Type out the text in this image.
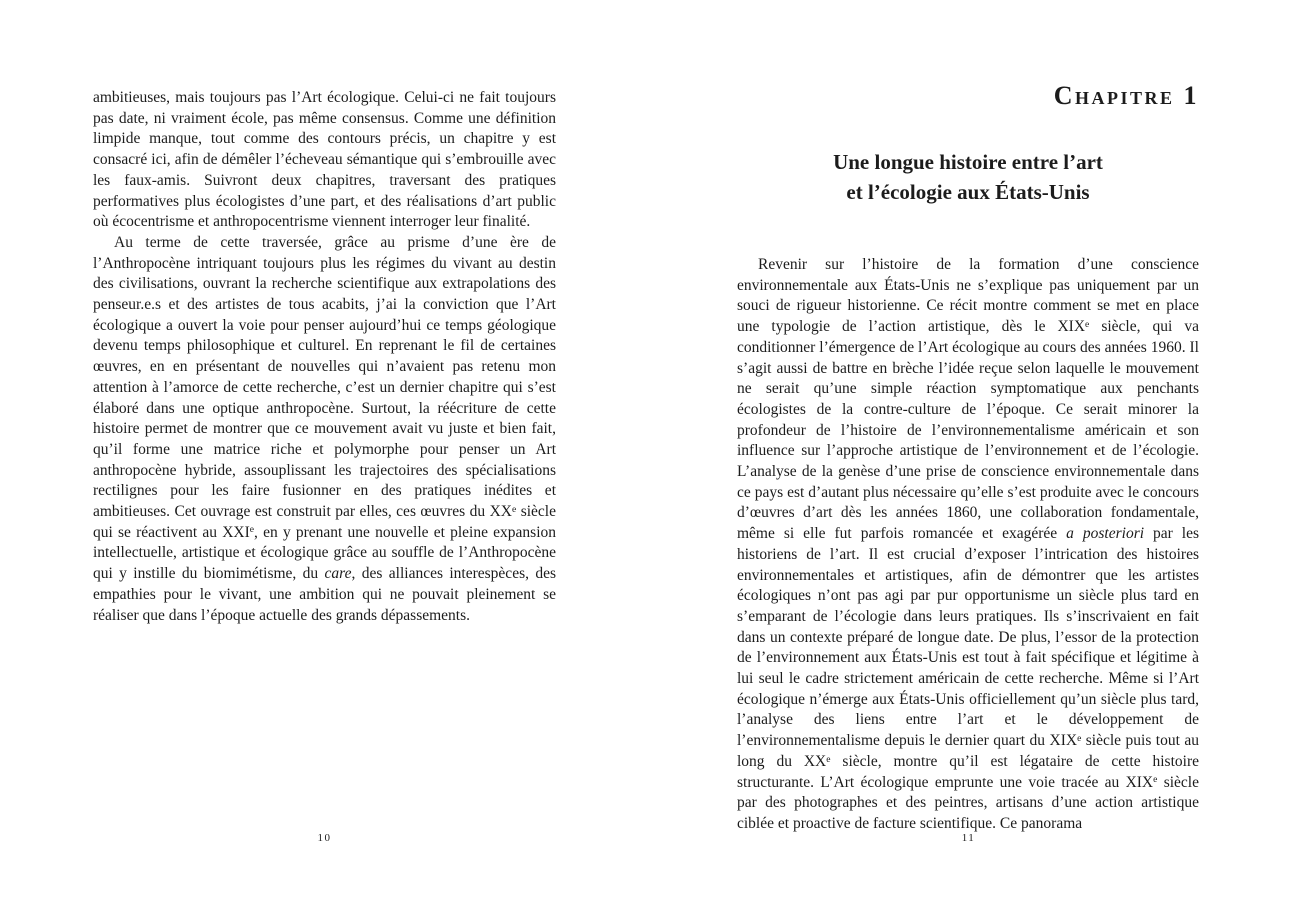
ambitieuses, mais toujours pas l’Art écologique. Celui-ci ne fait toujours pas date, ni vraiment école, pas même consensus. Comme une définition limpide manque, tout comme des contours précis, un chapitre y est consacré ici, afin de démêler l’écheveau sémantique qui s’embrouille avec les faux-amis. Suivront deux chapitres, traversant des pratiques performatives plus écologistes d’une part, et des réalisations d’art public où écocentrisme et anthropocentrisme viennent interroger leur finalité.

Au terme de cette traversée, grâce au prisme d’une ère de l’Anthropocène intriquant toujours plus les régimes du vivant au destin des civilisations, ouvrant la recherche scientifique aux extrapolations des penseur.e.s et des artistes de tous acabits, j’ai la conviction que l’Art écologique a ouvert la voie pour penser aujourd’hui ce temps géologique devenu temps philosophique et culturel. En reprenant le fil de certaines œuvres, en en présentant de nouvelles qui n’avaient pas retenu mon attention à l’amorce de cette recherche, c’est un dernier chapitre qui s’est élaboré dans une optique anthropocène. Surtout, la réécriture de cette histoire permet de montrer que ce mouvement avait vu juste et bien fait, qu’il forme une matrice riche et polymorphe pour penser un Art anthropocène hybride, assouplissant les trajectoires des spécialisations rectilignes pour les faire fusionner en des pratiques inédites et ambitieuses. Cet ouvrage est construit par elles, ces œuvres du XXe siècle qui se réactivent au XXIe, en y prenant une nouvelle et pleine expansion intellectuelle, artistique et écologique grâce au souffle de l’Anthropocène qui y instille du biomimétisme, du care, des alliances interespèces, des empathies pour le vivant, une ambition qui ne pouvait pleinement se réaliser que dans l’époque actuelle des grands dépassements.

Chapitre 1
Une longue histoire entre l’art
et l’écologie aux États-Unis

Revenir sur l’histoire de la formation d’une conscience environnementale aux États-Unis ne s’explique pas uniquement par un souci de rigueur historienne. Ce récit montre comment se met en place une typologie de l’action artistique, dès le XIXe siècle, qui va conditionner l’émergence de l’Art écologique au cours des années 1960. Il s’agit aussi de battre en brèche l’idée reçue selon laquelle le mouvement ne serait qu’une simple réaction symptomatique aux penchants écologistes de la contre-culture de l’époque. Ce serait minorer la profondeur de l’histoire de l’environnementalisme américain et son influence sur l’approche artistique de l’environnement et de l’écologie. L’analyse de la genèse d’une prise de conscience environnementale dans ce pays est d’autant plus nécessaire qu’elle s’est produite avec le concours d’œuvres d’art dès les années 1860, une collaboration fondamentale, même si elle fut parfois romancée et exagérée a posteriori par les historiens de l’art. Il est crucial d’exposer l’intrication des histoires environnementales et artistiques, afin de démontrer que les artistes écologiques n’ont pas agi par pur opportunisme un siècle plus tard en s’emparant de l’écologie dans leurs pratiques. Ils s’inscrivaient en fait dans un contexte préparé de longue date. De plus, l’essor de la protection de l’environnement aux États-Unis est tout à fait spécifique et légitime à lui seul le cadre strictement américain de cette recherche. Même si l’Art écologique n’émerge aux États-Unis officiellement qu’un siècle plus tard, l’analyse des liens entre l’art et le développement de l’environnementalisme depuis le dernier quart du XIXe siècle puis tout au long du XXe siècle, montre qu’il est légataire de cette histoire structurante. L’Art écologique emprunte une voie tracée au XIXe siècle par des photographes et des peintres, artisans d’une action artistique ciblée et proactive de facture scientifique. Ce panorama

10	11
